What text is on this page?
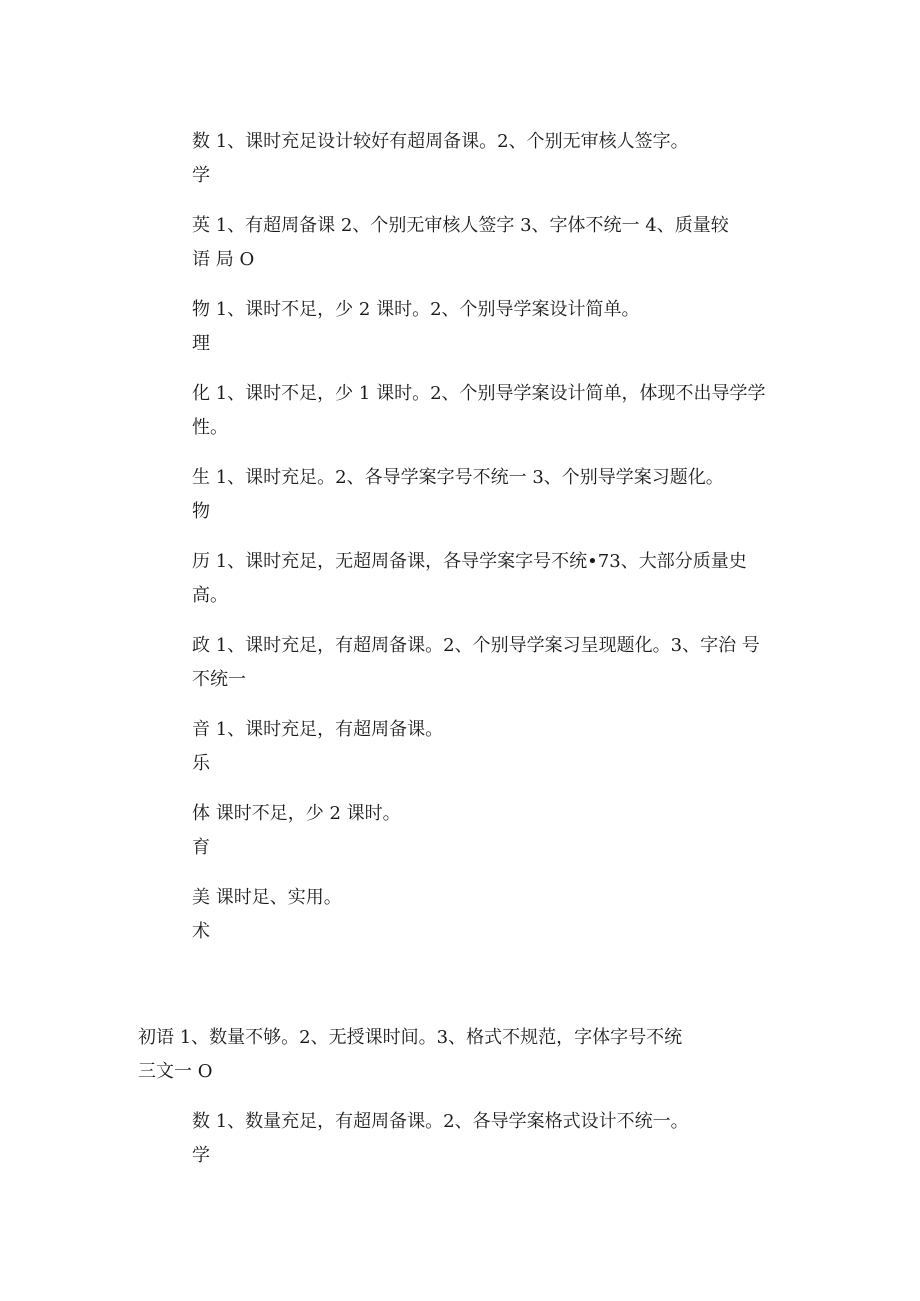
数 1、课时充足设计较好有超周备课。2、个别无审核人签字。
学
英 1、有超周备课 2、个别无审核人签字 3、字体不统一 4、质量较
语 局 O
物 1、课时不足，少 2 课时。2、个别导学案设计简单。
理
化 1、课时不足，少 1 课时。2、个别导学案设计简单，体现不出导学学
性。
生 1、课时充足。2、各导学案字号不统一 3、个别导学案习题化。
物
历 1、课时充足，无超周备课，各导学案字号不统•73、大部分质量史
高。
政 1、课时充足，有超周备课。2、个别导学案习呈现题化。3、字治 号
不统一
音 1、课时充足，有超周备课。
乐
体 课时不足，少 2 课时。
育
美 课时足、实用。
术
初语 1、数量不够。2、无授课时间。3、格式不规范，字体字号不统
三文一 O
数 1、数量充足，有超周备课。2、各导学案格式设计不统一。
学
